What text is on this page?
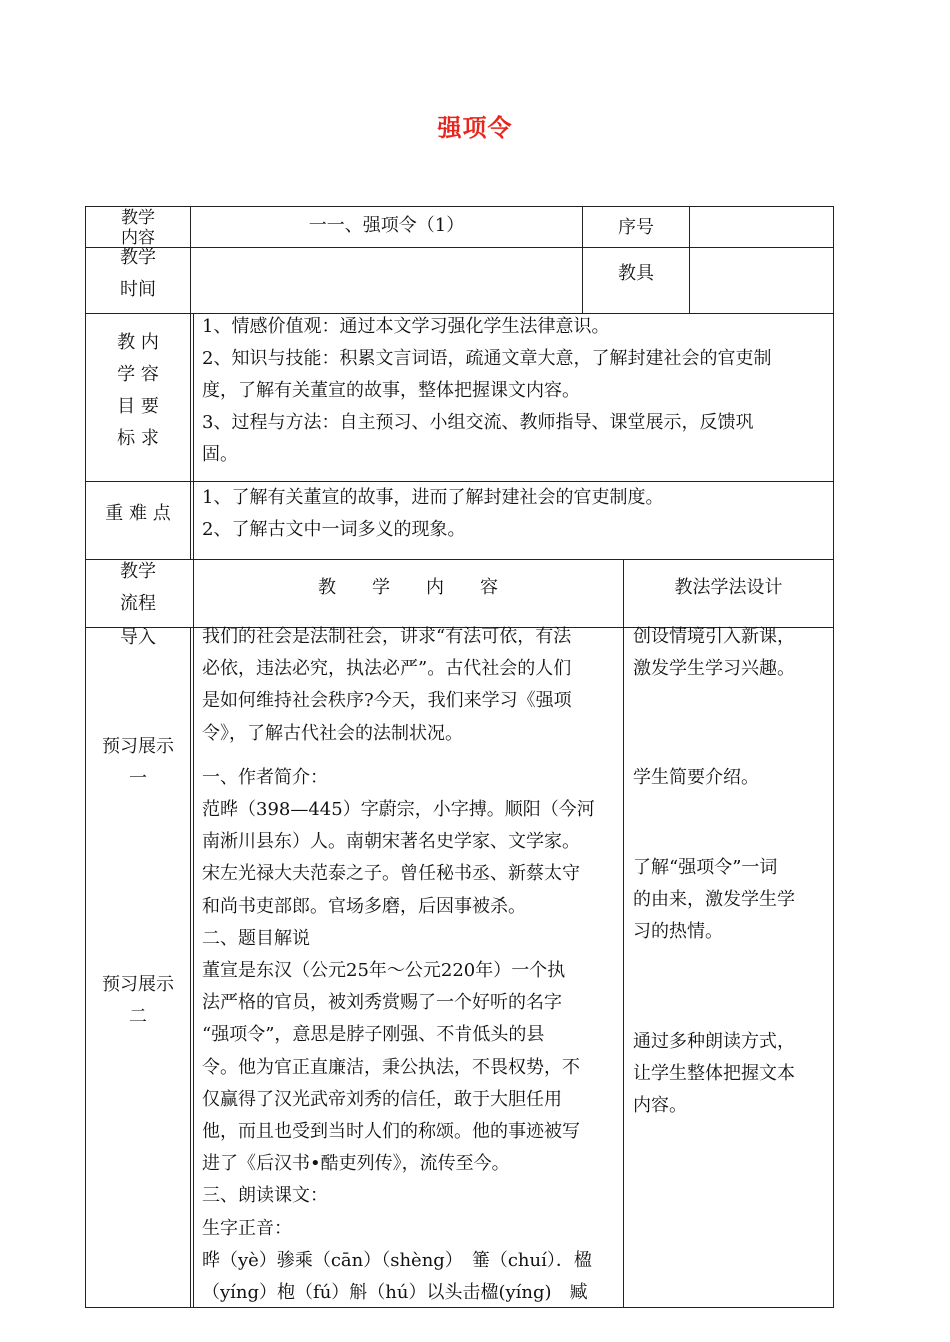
强项令
教学
内容
一一、强项令（1）	序号
教学
时间
教具
教 内
学 容
目 要
标 求
1、情感价值观：通过本文学习强化学生法律意识。
2、知识与技能：积累文言词语，疏通文章大意，了解封建社会的官吏制
度，了解有关董宣的故事，整体把握课文内容。
3、过程与方法：自主预习、小组交流、教师指导、课堂展示，反馈巩
固。
重 难 点
1、了解有关董宣的故事，进而了解封建社会的官吏制度。
2、了解古文中一词多义的现象。
教学
流程
教　　学　　内　　容	教法学法设计
导入
预习展示
一
预习展示
二
我们的社会是法制社会，讲求“有法可依，有法
必依，违法必究，执法必严”。古代社会的人们
是如何维持社会秩序?今天，我们来学习《强项
令》，了解古代社会的法制状况。
一、作者简介：
范晔（398—445）字蔚宗，小字搏。顺阳（今河
南淅川县东）人。南朝宋著名史学家、文学家。
宋左光禄大夫范泰之子。曾任秘书丞、新蔡太守
和尚书吏部郎。官场多磨，后因事被杀。
二、题目解说
董宣是东汉（公元25年～公元220年）一个执
法严格的官员，被刘秀赏赐了一个好听的名字
“强项令”，意思是脖子刚强、不肯低头的县
令。他为官正直廉洁，秉公执法，不畏权势，不
仅赢得了汉光武帝刘秀的信任，敢于大胆任用
他，而且也受到当时人们的称颂。他的事迹被写
进了《后汉书•酷吏列传》，流传至今。
三、朗读课文：
生字正音：
晔（yè）骖乘（cān）（shèng）　箠（chuí）．楹
（yíng）枹（fú）斛（hú）以头击楹(yíng)　臧
创设情境引入新课，
激发学生学习兴趣。
学生简要介绍。
了解“强项令”一词
的由来，激发学生学
习的热情。
通过多种朗读方式，
让学生整体把握文本
内容。
